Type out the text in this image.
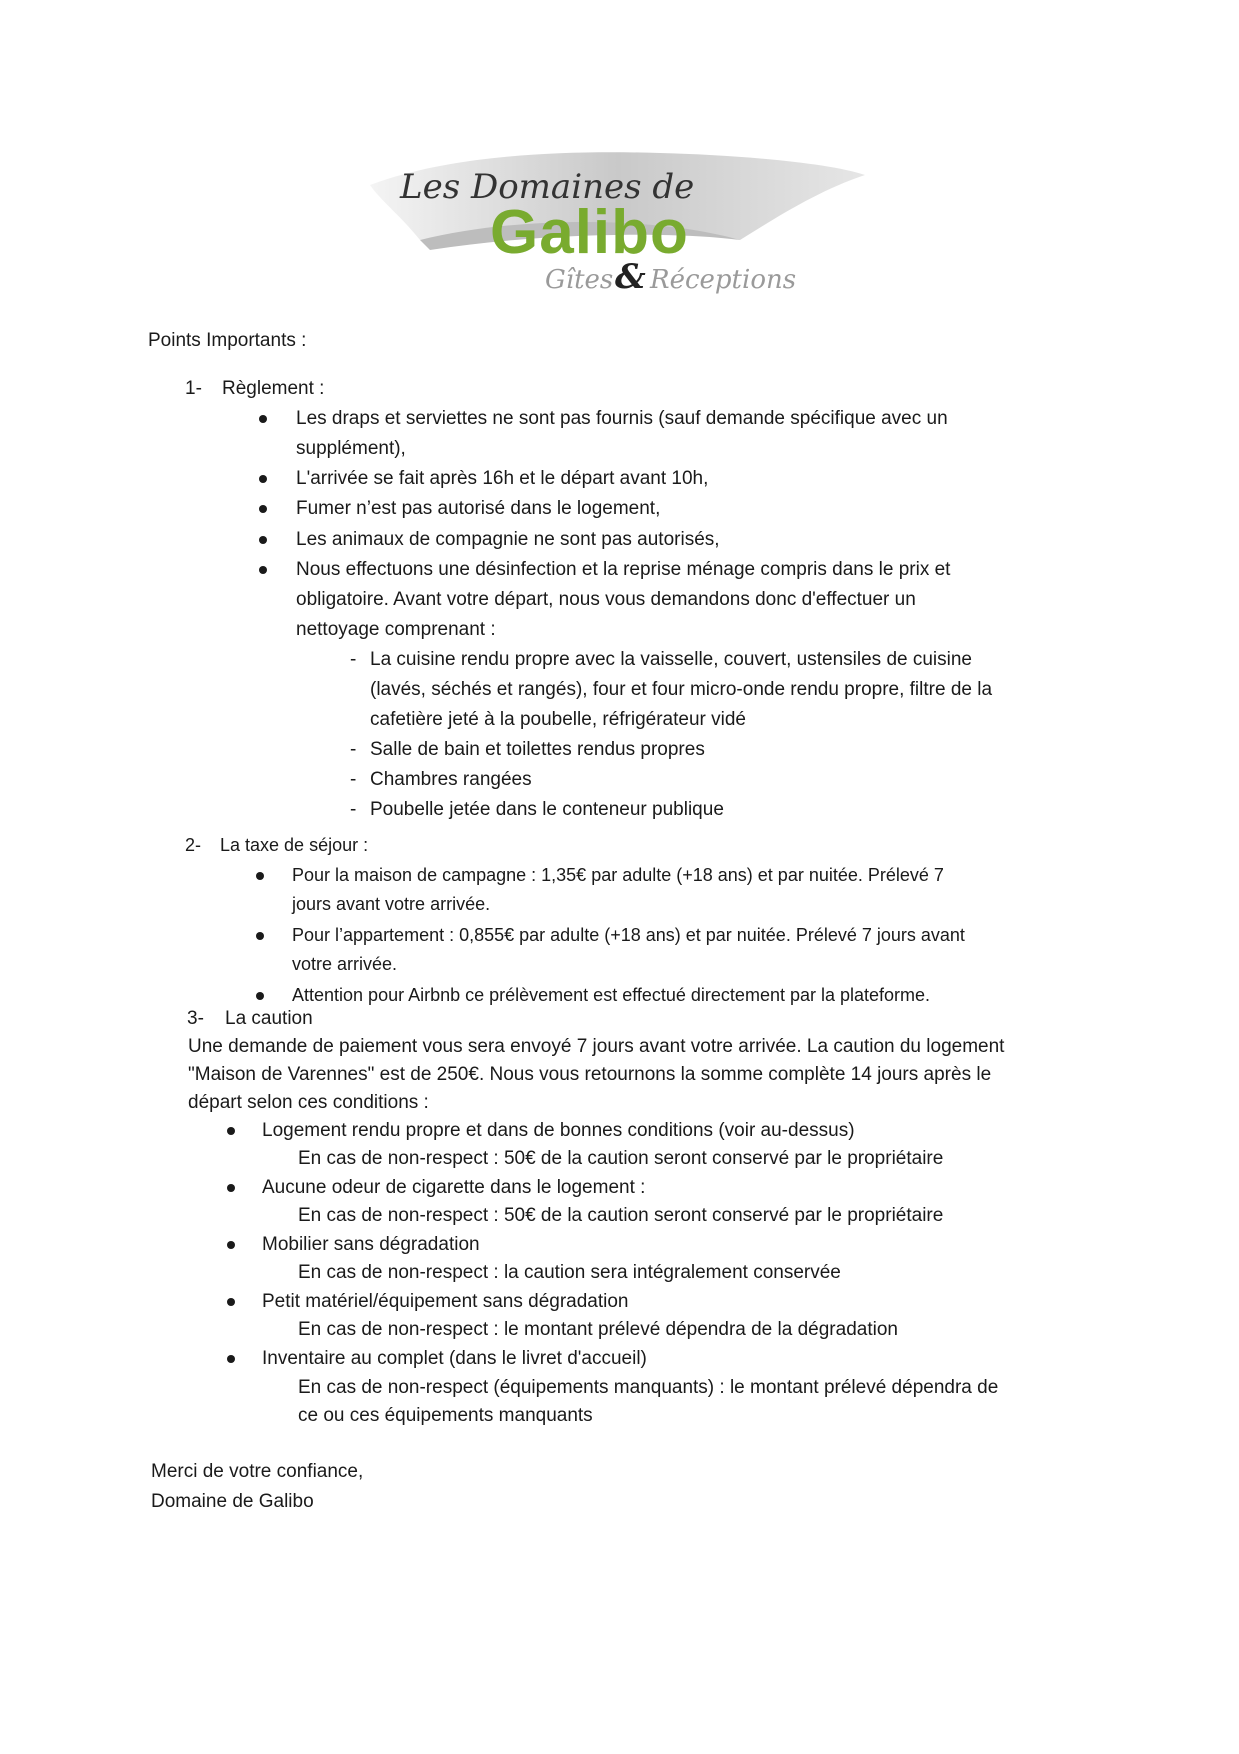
Les Domaines de
Galibo
Gîtes & Réceptions
Points Importants :
1- Règlement :
Les draps et serviettes ne sont pas fournis (sauf demande spécifique avec un
supplément),
L'arrivée se fait après 16h et le départ avant 10h,
Fumer n’est pas autorisé dans le logement,
Les animaux de compagnie ne sont pas autorisés,
Nous effectuons une désinfection et la reprise ménage compris dans le prix et
obligatoire. Avant votre départ, nous vous demandons donc d'effectuer un
nettoyage comprenant :
- La cuisine rendu propre avec la vaisselle, couvert, ustensiles de cuisine
(lavés, séchés et rangés), four et four micro-onde rendu propre, filtre de la
cafetière jeté à la poubelle, réfrigérateur vidé
- Salle de bain et toilettes rendus propres
- Chambres rangées
- Poubelle jetée dans le conteneur publique
2- La taxe de séjour :
Pour la maison de campagne : 1,35€ par adulte (+18 ans) et par nuitée. Prélevé 7
jours avant votre arrivée.
Pour l’appartement : 0,855€ par adulte (+18 ans) et par nuitée. Prélevé 7 jours avant
votre arrivée.
Attention pour Airbnb ce prélèvement est effectué directement par la plateforme.
3- La caution
Une demande de paiement vous sera envoyé 7 jours avant votre arrivée. La caution du logement
"Maison de Varennes" est de 250€. Nous vous retournons la somme complète 14 jours après le
départ selon ces conditions :
Logement rendu propre et dans de bonnes conditions (voir au-dessus)
En cas de non-respect : 50€ de la caution seront conservé par le propriétaire
Aucune odeur de cigarette dans le logement :
En cas de non-respect : 50€ de la caution seront conservé par le propriétaire
Mobilier sans dégradation
En cas de non-respect : la caution sera intégralement conservée
Petit matériel/équipement sans dégradation
En cas de non-respect : le montant prélevé dépendra de la dégradation
Inventaire au complet (dans le livret d'accueil)
En cas de non-respect (équipements manquants) : le montant prélevé dépendra de
ce ou ces équipements manquants
Merci de votre confiance,
Domaine de Galibo
